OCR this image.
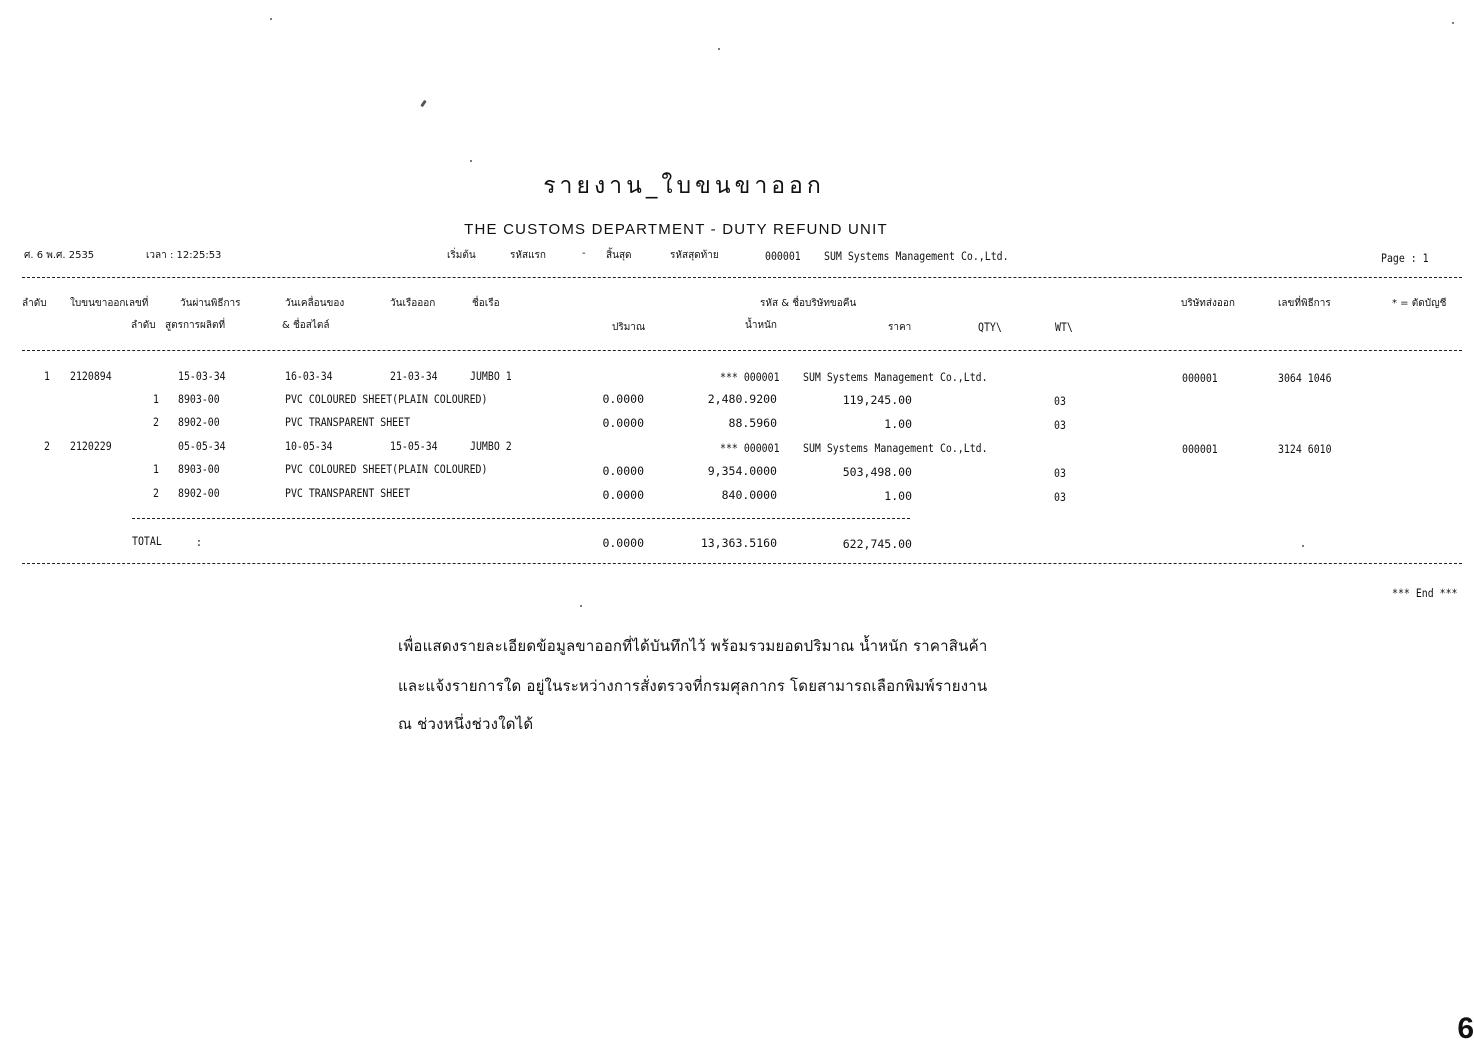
รายงาน_ใบขนขาออก
THE CUSTOMS DEPARTMENT - DUTY REFUND UNIT
ศ. 6 พ.ศ. 2535	เวลา : 12:25:53	เริ่มต้น	รหัสแรก	- สิ้นสุด	รหัสสุดท้าย	000001 SUM Systems Management Co.,Ltd.	Page : 1
ลำดับ ใบขนขาออกเลขที่	วันผ่านพิธีการ	วันเคลื่อนของ	วันเรือออก	ชื่อเรือ	รหัส & ชื่อบริษัทขอคืน	บริษัทส่งออก	เลขที่พิธีการ	* = ตัดบัญชี
ลำดับ สูตรการผลิตที่	& ชื่อสไตล์	ปริมาณ	น้ำหนัก	ราคา	QTY\	WT\
1 2120894	15-03-34	16-03-34	21-03-34	JUMBO 1	*** 000001 SUM Systems Management Co.,Ltd.	000001	3064 1046
1 8903-00	PVC COLOURED SHEET(PLAIN COLOURED)	0.0000	2,480.9200	119,245.00	03
2 8902-00	PVC TRANSPARENT SHEET	0.0000	88.5960	1.00	03
2 2120229	05-05-34	10-05-34	15-05-34	JUMBO 2	*** 000001 SUM Systems Management Co.,Ltd.	000001	3124 6010
1 8903-00	PVC COLOURED SHEET(PLAIN COLOURED)	0.0000	9,354.0000	503,498.00	03
2 8902-00	PVC TRANSPARENT SHEET	0.0000	840.0000	1.00	03
TOTAL	:	0.0000	13,363.5160	622,745.00
*** End ***
เพื่อแสดงรายละเอียดข้อมูลขาออกที่ได้บันทึกไว้ พร้อมรวมยอดปริมาณ น้ำหนัก ราคาสินค้า
และแจ้งรายการใด อยู่ในระหว่างการสั่งตรวจที่กรมศุลกากร โดยสามารถเลือกพิมพ์รายงาน
ณ ช่วงหนึ่งช่วงใดได้
6
